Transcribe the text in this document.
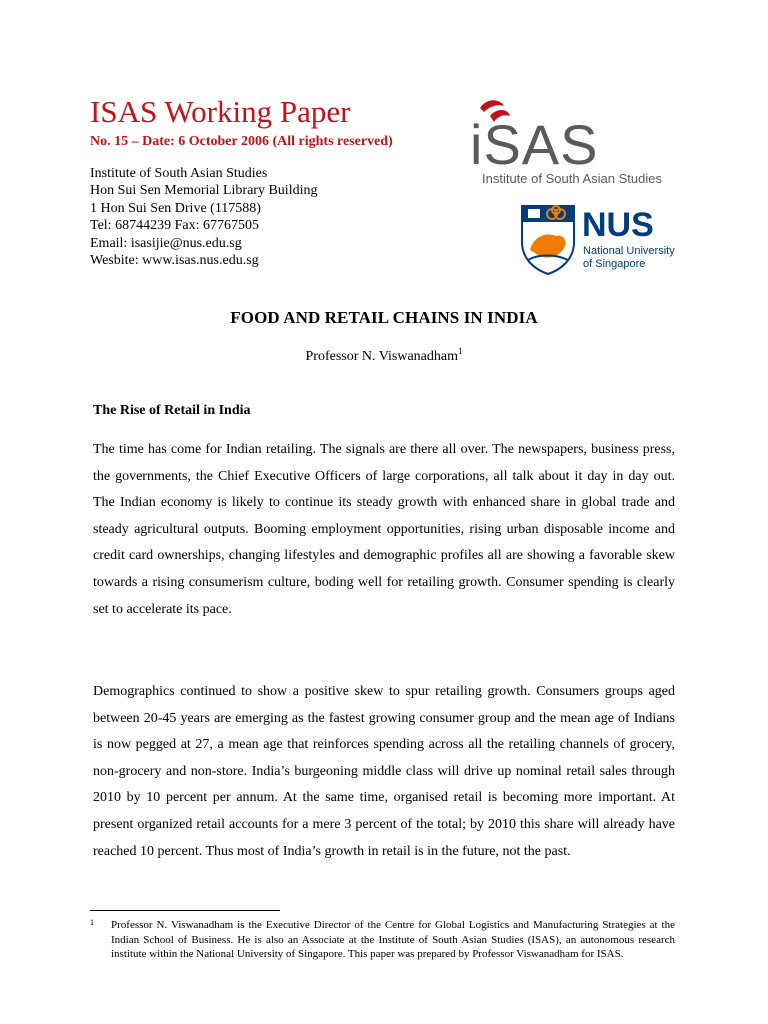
ISAS Working Paper
No. 15 – Date: 6 October 2006 (All rights reserved)
Institute of South Asian Studies
Hon Sui Sen Memorial Library Building
1 Hon Sui Sen Drive (117588)
Tel: 68744239 Fax: 67767505
Email: isasijie@nus.edu.sg
Wesbite: www.isas.nus.edu.sg
iSAS
Institute of South Asian Studies
NUS
National University
of Singapore
FOOD AND RETAIL CHAINS IN INDIA
Professor N. Viswanadham$^1$
The Rise of Retail in India

The time has come for Indian retailing. The signals are there all over. The newspapers, business press, the governments, the Chief Executive Officers of large corporations, all talk about it day in day out. The Indian economy is likely to continue its steady growth with enhanced share in global trade and steady agricultural outputs. Booming employment opportunities, rising urban disposable income and credit card ownerships, changing lifestyles and demographic profiles all are showing a favorable skew towards a rising consumerism culture, boding well for retailing growth. Consumer spending is clearly set to accelerate its pace.

Demographics continued to show a positive skew to spur retailing growth. Consumers groups aged between 20-45 years are emerging as the fastest growing consumer group and the mean age of Indians is now pegged at 27, a mean age that reinforces spending across all the retailing channels of grocery, non-grocery and non-store. India’s burgeoning middle class will drive up nominal retail sales through 2010 by 10 percent per annum. At the same time, organised retail is becoming more important. At present organized retail accounts for a mere 3 percent of the total; by 2010 this share will already have reached 10 percent. Thus most of India’s growth in retail is in the future, not the past.

1 Professor N. Viswanadham is the Executive Director of the Centre for Global Logistics and Manufacturing Strategies at the Indian School of Business. He is also an Associate at the Institute of South Asian Studies (ISAS), an autonomous research institute within the National University of Singapore. This paper was prepared by Professor Viswanadham for ISAS.
